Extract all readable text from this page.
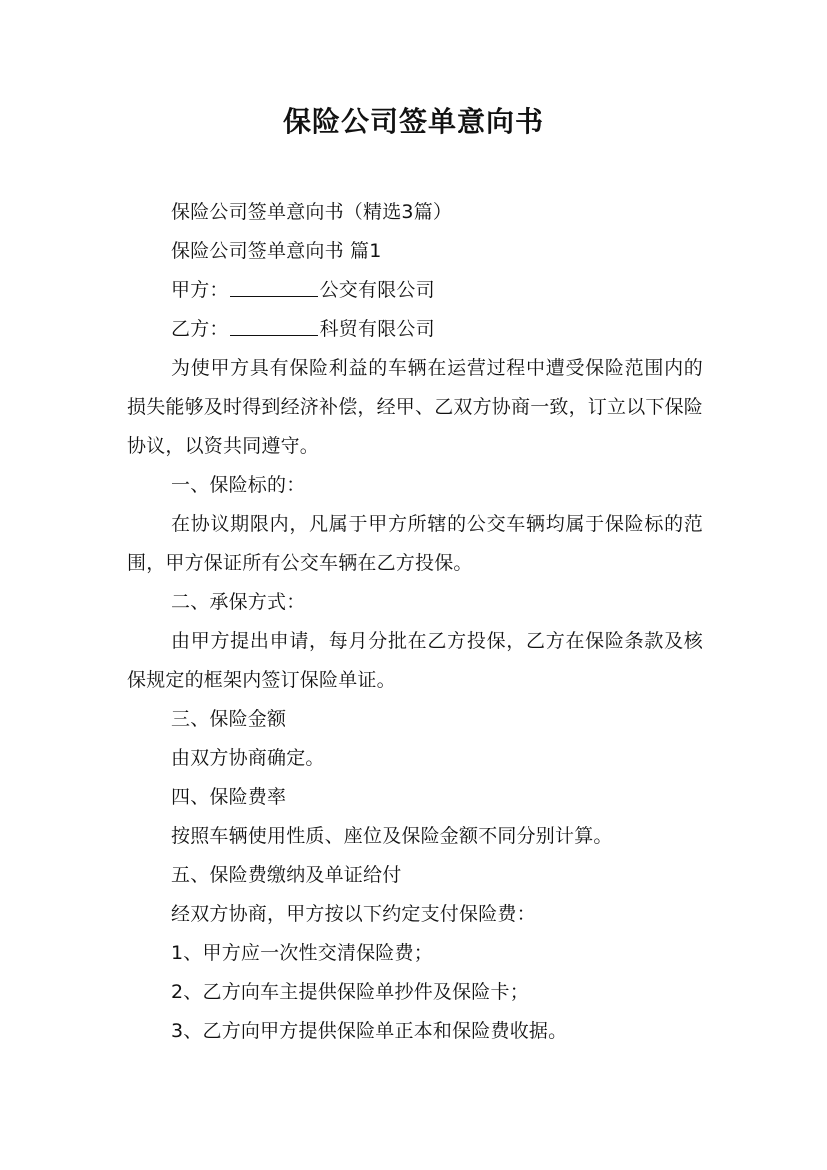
保险公司签单意向书

保险公司签单意向书（精选3篇）

保险公司签单意向书 篇1

甲方：	公交有限公司

乙方：	科贸有限公司

为使甲方具有保险利益的车辆在运营过程中遭受保险范围内的损失能够及时得到经济补偿，经甲、乙双方协商一致，订立以下保险协议，以资共同遵守。

一、保险标的：

在协议期限内，凡属于甲方所辖的公交车辆均属于保险标的范围，甲方保证所有公交车辆在乙方投保。

二、承保方式：

由甲方提出申请，每月分批在乙方投保，乙方在保险条款及核保规定的框架内签订保险单证。

三、保险金额

由双方协商确定。

四、保险费率

按照车辆使用性质、座位及保险金额不同分别计算。

五、保险费缴纳及单证给付

经双方协商，甲方按以下约定支付保险费：

1、甲方应一次性交清保险费；

2、乙方向车主提供保险单抄件及保险卡；

3、乙方向甲方提供保险单正本和保险费收据。
